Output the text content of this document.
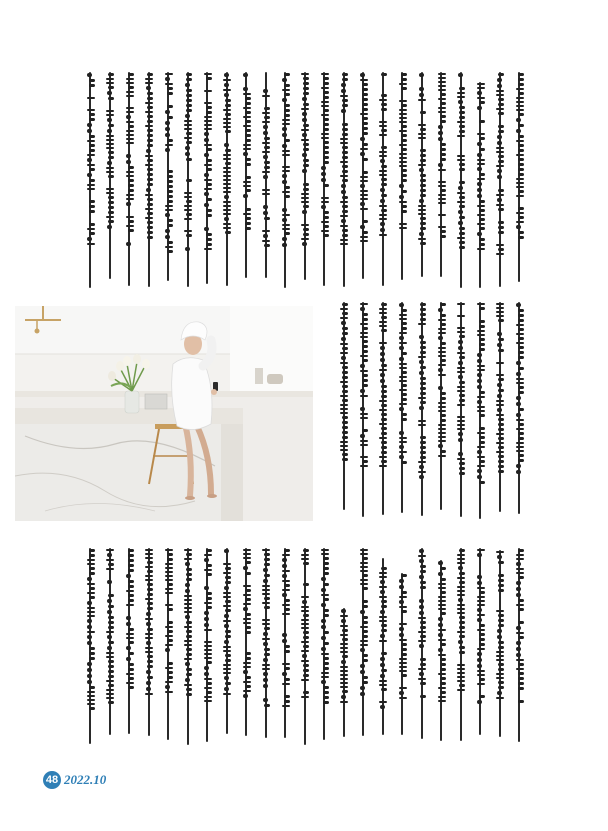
48 2022.10
